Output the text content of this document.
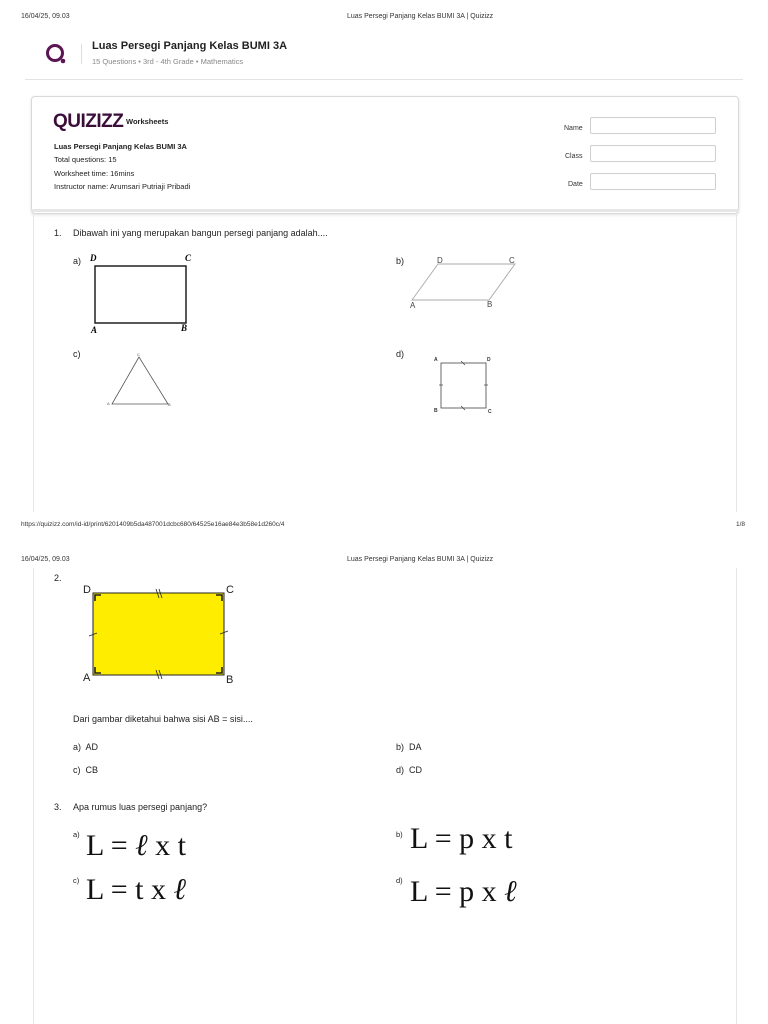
16/04/25, 09.03	Luas Persegi Panjang Kelas BUMI 3A | Quizizz
Luas Persegi Panjang Kelas BUMI 3A
15 Questions • 3rd - 4th Grade • Mathematics
QUIZIZZ Worksheets
Luas Persegi Panjang Kelas BUMI 3A
Total questions: 15
Worksheet time: 16mins
Instructor name: Arumsari Putriaji Pribadi
Name
Class
Date
1. Dibawah ini yang merupakan bangun persegi panjang adalah....
a)	b)
c)	d)
D	C
A	B
D	C
A	B
C
A	B
A	D
B	C
https://quizizz.com/id-id/print/6201409b5da487001dcbc680/64525e16ae84e3b58e1d260c/4	1/8
16/04/25, 09.03	Luas Persegi Panjang Kelas BUMI 3A | Quizizz
2.
D	C
A	B
Dari gambar diketahui bahwa sisi AB = sisi....
a) AD	b) DA
c) CB	d) CD
3. Apa rumus luas persegi panjang?
a) L = ℓ x t	b) L = p x t
c) L = t x ℓ	d) L = p x ℓ
